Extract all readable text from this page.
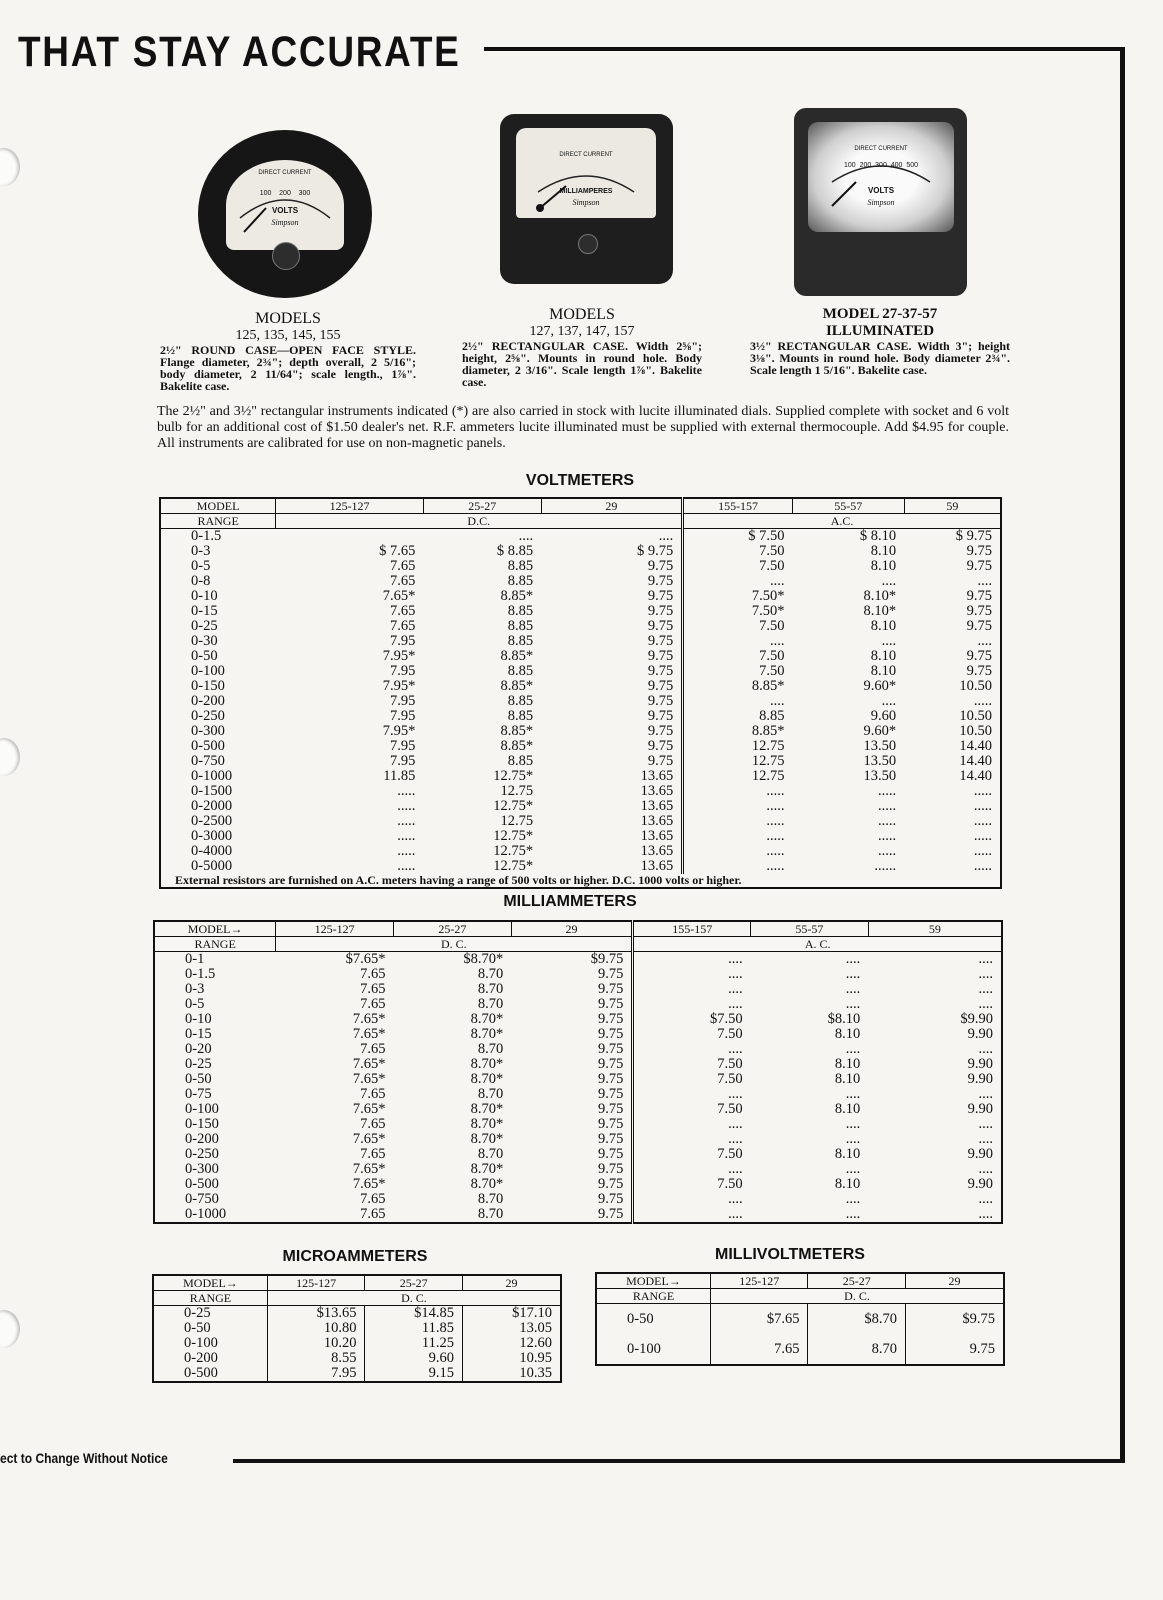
THAT STAY ACCURATE
DIRECT CURRENT
100 200 300
VOLTS
Simpson
DIRECT CURRENT
MILLIAMPERES
Simpson
DIRECT CURRENT
100 200 300 400 500
VOLTS
Simpson
MODELS
125, 135, 145, 155
2½" ROUND CASE—OPEN FACE STYLE. Flange diameter, 2¾"; depth overall, 2 5/16"; body diameter, 2 11/64"; scale length., 1⅞". Bakelite case.
MODELS
127, 137, 147, 157
2½" RECTANGULAR CASE. Width 2⅝"; height, 2⅝". Mounts in round hole. Body diameter, 2 3/16". Scale length 1⅞". Bakelite case.
MODEL 27-37-57
ILLUMINATED
3½" RECTANGULAR CASE. Width 3"; height 3⅛". Mounts in round hole. Body diameter 2¾". Scale length 1 5/16". Bakelite case.
The 2½" and 3½" rectangular instruments indicated (*) are also carried in stock with lucite illuminated dials. Supplied complete with socket and 6 volt bulb for an additional cost of $1.50 dealer's net. R.F. ammeters lucite illuminated must be supplied with external thermocouple. Add $4.95 for couple. All instruments are calibrated for use on non-magnetic panels.
VOLTMETERS
MODEL	125-127	25-27	29	155-157	55-57	59
RANGE	D.C.			A.C.		
0-1.5		....	....	$ 7.50	$ 8.10	$ 9.75
0-3	$ 7.65	$ 8.85	$ 9.75	7.50	8.10	9.75
0-5	7.65	8.85	9.75	7.50	8.10	9.75
0-8	7.65	8.85	9.75	....	....	....
0-10	7.65*	8.85*	9.75	7.50*	8.10*	9.75
0-15	7.65	8.85	9.75	7.50*	8.10*	9.75
0-25	7.65	8.85	9.75	7.50	8.10	9.75
0-30	7.95	8.85	9.75	....	....	....
0-50	7.95*	8.85*	9.75	7.50	8.10	9.75
0-100	7.95	8.85	9.75	7.50	8.10	9.75
0-150	7.95*	8.85*	9.75	8.85*	9.60*	10.50
0-200	7.95	8.85	9.75	....	....	.....
0-250	7.95	8.85	9.75	8.85	9.60	10.50
0-300	7.95*	8.85*	9.75	8.85*	9.60*	10.50
0-500	7.95	8.85*	9.75	12.75	13.50	14.40
0-750	7.95	8.85	9.75	12.75	13.50	14.40
0-1000	11.85	12.75*	13.65	12.75	13.50	14.40
0-1500	.....	12.75	13.65	.....	.....	.....
0-2000	.....	12.75*	13.65	.....	.....	.....
0-2500	.....	12.75	13.65	.....	.....	.....
0-3000	.....	12.75*	13.65	.....	.....	.....
0-4000	.....	12.75*	13.65	.....	.....	.....
0-5000	.....	12.75*	13.65	.....	......	.....
External resistors are furnished on A.C. meters having a range of 500 volts or higher. D.C. 1000 volts or higher.						
MILLIAMMETERS
MODEL→	125-127	25-27	29	155-157	55-57	59
RANGE	D. C.			A. C.		
0-1	$7.65*	$8.70*	$9.75	....	....	....
0-1.5	7.65	8.70	9.75	....	....	....
0-3	7.65	8.70	9.75	....	....	....
0-5	7.65	8.70	9.75	....	....	....
0-10	7.65*	8.70*	9.75	$7.50	$8.10	$9.90
0-15	7.65*	8.70*	9.75	7.50	8.10	9.90
0-20	7.65	8.70	9.75	....	....	....
0-25	7.65*	8.70*	9.75	7.50	8.10	9.90
0-50	7.65*	8.70*	9.75	7.50	8.10	9.90
0-75	7.65	8.70	9.75	....	....	....
0-100	7.65*	8.70*	9.75	7.50	8.10	9.90
0-150	7.65	8.70*	9.75	....	....	....
0-200	7.65*	8.70*	9.75	....	....	....
0-250	7.65	8.70	9.75	7.50	8.10	9.90
0-300	7.65*	8.70*	9.75	....	....	....
0-500	7.65*	8.70*	9.75	7.50	8.10	9.90
0-750	7.65	8.70	9.75	....	....	....
0-1000	7.65	8.70	9.75	....	....	....
MICROAMMETERS
MODEL→	125-127	25-27	29
RANGE	D. C.		
0-25	$13.65	$14.85	$17.10
0-50	10.80	11.85	13.05
0-100	10.20	11.25	12.60
0-200	8.55	9.60	10.95
0-500	7.95	9.15	10.35
MILLIVOLTMETERS
MODEL→	125-127	25-27	29
RANGE	D. C.		
0-50	$7.65	$8.70	$9.75
0-100	7.65	8.70	9.75
ect to Change Without Notice
